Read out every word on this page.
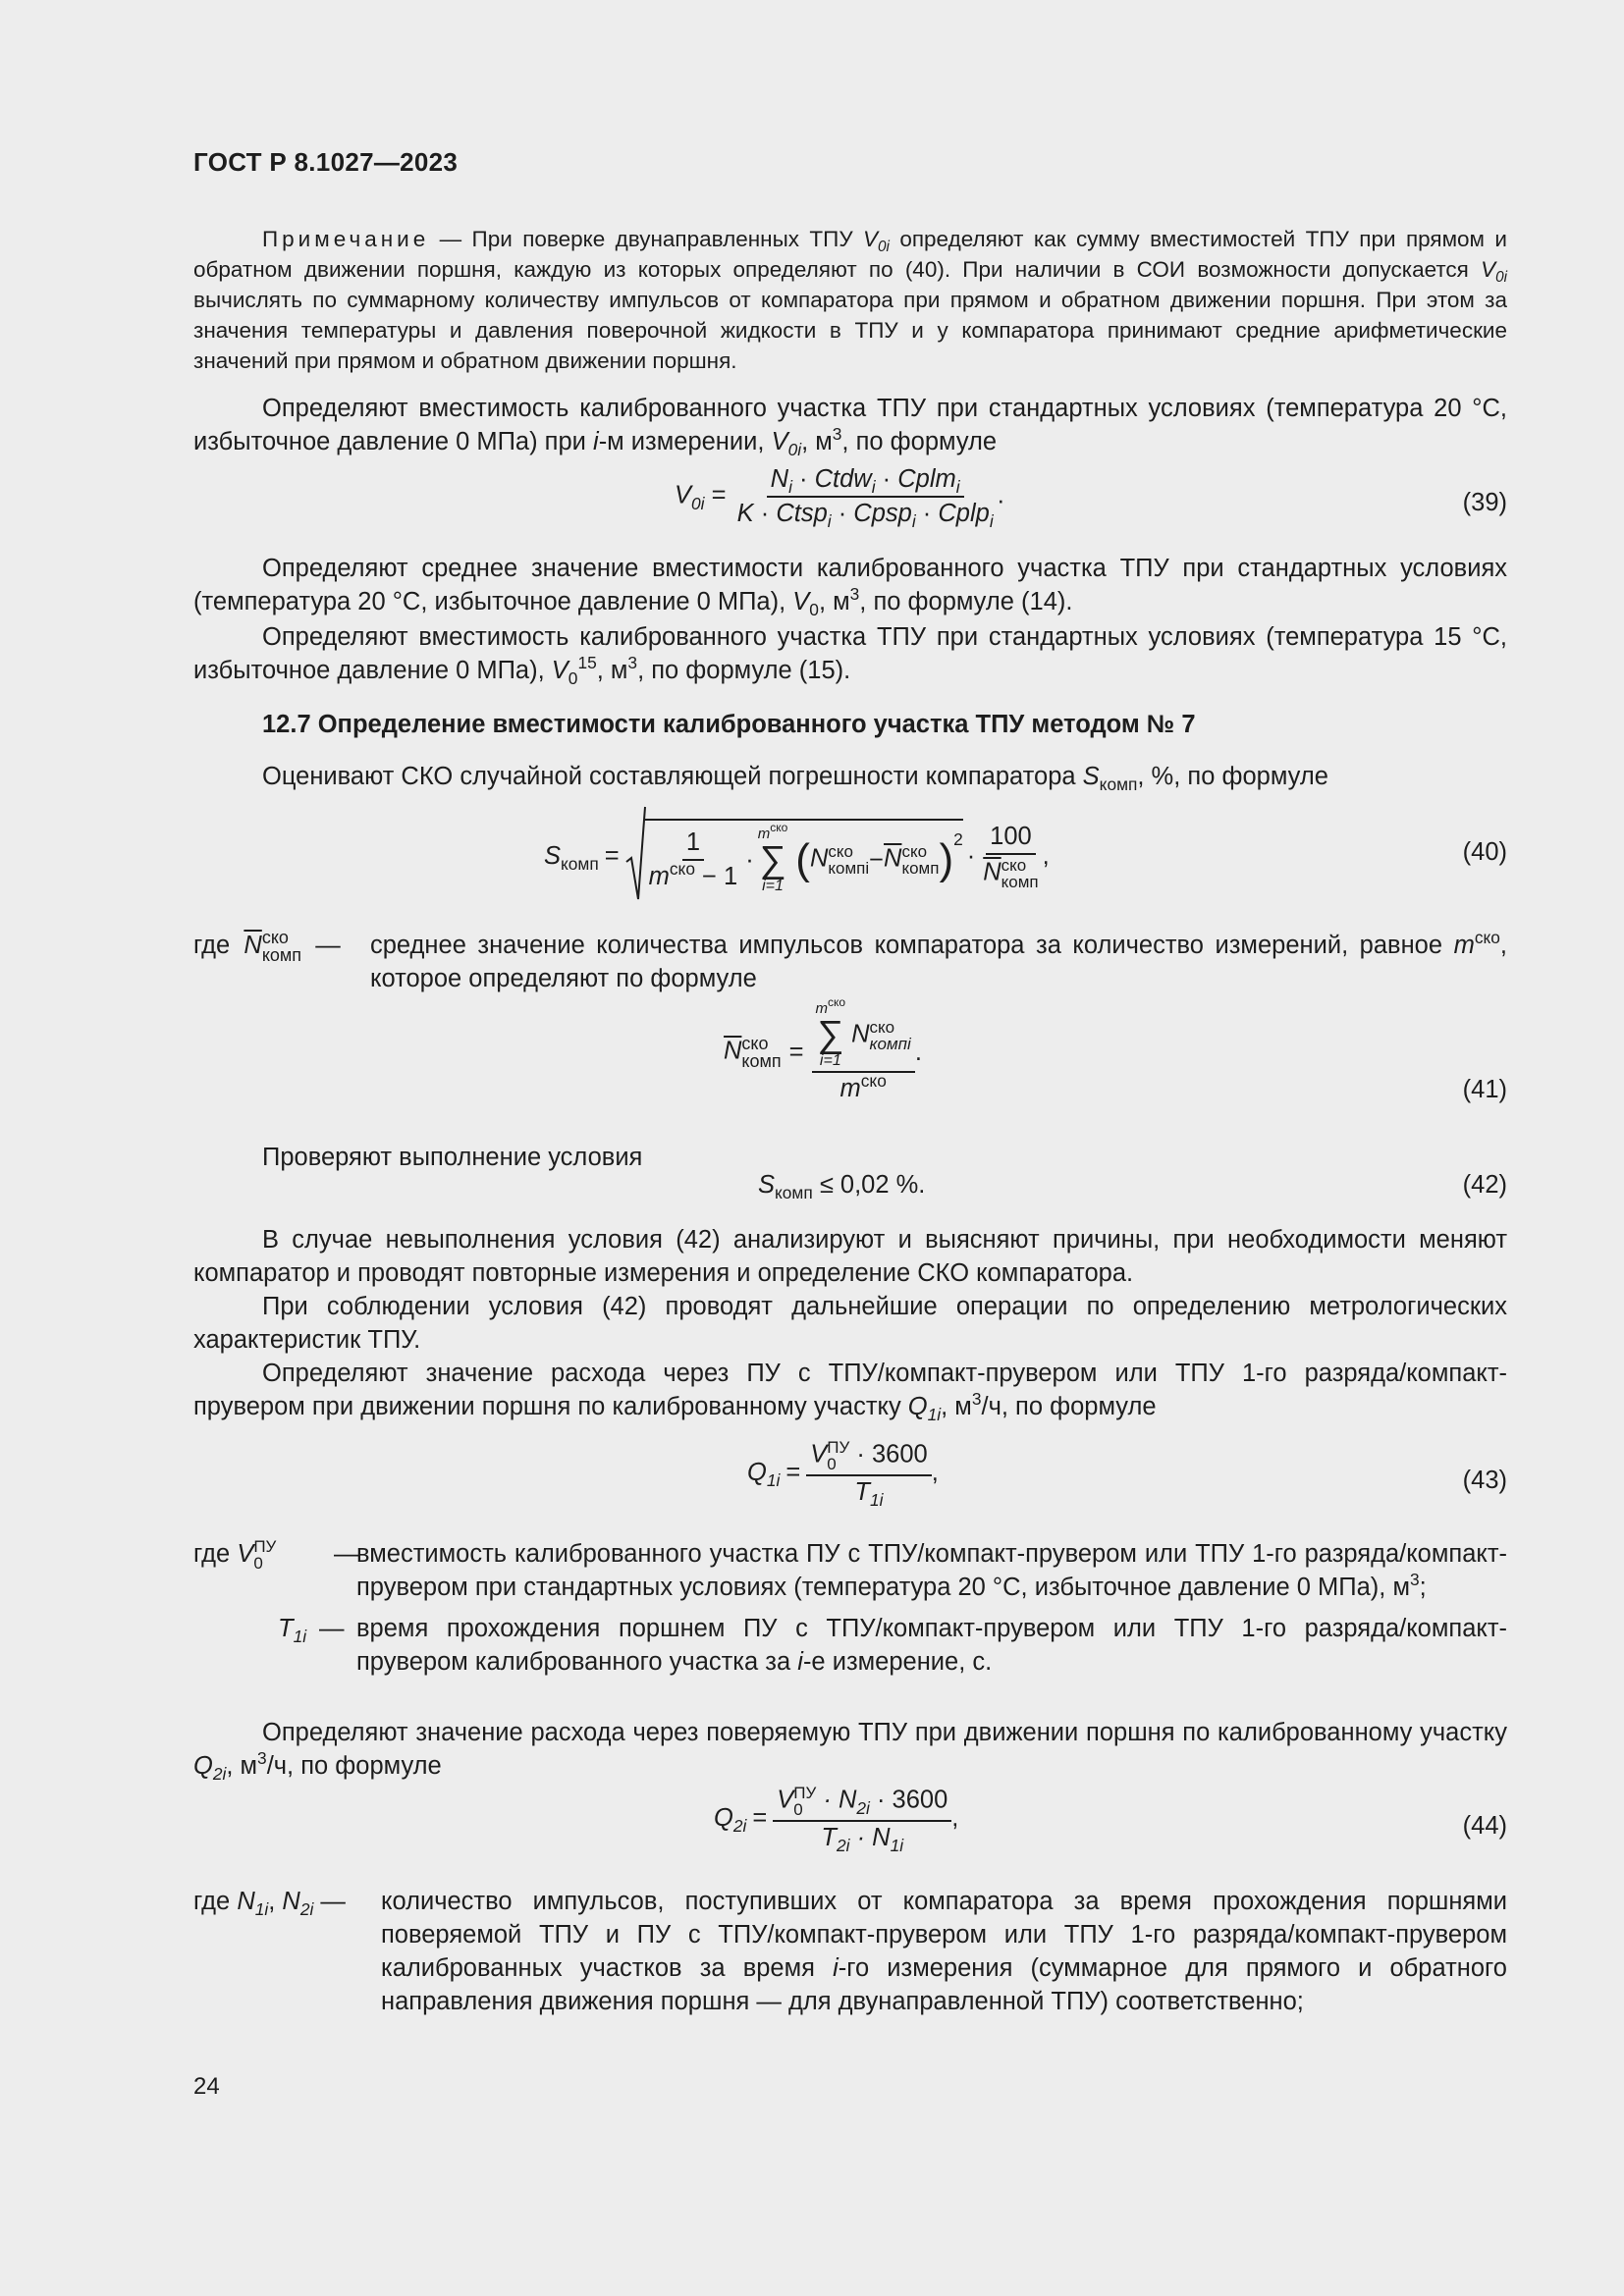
ГОСТ Р 8.1027—2023

Примечание — При поверке двунаправленных ТПУ $V_{0i}$ определяют как сумму вместимостей ТПУ при прямом и обратном движении поршня, каждую из которых определяют по (40). При наличии в СОИ возможности допускается $V_{0i}$ вычислять по суммарному количеству импульсов от компаратора при прямом и обратном движении поршня. При этом за значения температуры и давления поверочной жидкости в ТПУ и у компаратора принимают средние арифметические значений при прямом и обратном движении поршня.

Определяют вместимость калиброванного участка ТПУ при стандартных условиях (температура 20 °С, избыточное давление 0 МПа) при i-м измерении, $V_{0i}$, $м^3$, по формуле

$V_{0i} = \frac{N_i \cdot Ctdw_i \cdot Cplm_i}{K \cdot Ctsp_i \cdot Cpsp_i \cdot Cplp_i}$ .	(39)

Определяют среднее значение вместимости калиброванного участка ТПУ при стандартных условиях (температура 20 °С, избыточное давление 0 МПа), $V_0$, $м^3$, по формуле (14).

Определяют вместимость калиброванного участка ТПУ при стандартных условиях (температура 15 °С, избыточное давление 0 МПа), $V_0^{15}$, $м^3$, по формуле (15).

12.7 Определение вместимости калиброванного участка ТПУ методом № 7

Оценивают СКО случайной составляющей погрешности компаратора $S_{комп}$, %, по формуле

$S_{комп} = \frac{1}{m^{ско} - 1}$ ·
$m^{ско}$
∑
i=1
( N ско
компi − $\overline{N}$ ско
комп )$^2$
· 100
$\overline{N}$ ско
комп ,	(40)
где $\overline{N}$ ско
комп — среднее значение количества импульсов компаратора за количество измерений, равное $m^{ско}$, которое определяют по формуле
$\overline{N}$ ско
комп =
$m^{ско}$
∑
i=1
N ско
компi
$m^{ско}$
.
(41)

Проверяют выполнение условия

$S_{комп} \le 0,02$ %.	(42)

В случае невыполнения условия (42) анализируют и выясняют причины, при необходимости меняют компаратор и проводят повторные измерения и определение СКО компаратора.

При соблюдении условия (42) проводят дальнейшие операции по определению метрологических характеристик ТПУ.

Определяют значение расхода через ПУ с ТПУ/компакт-прувером или ТПУ 1-го разряда/компакт-прувером при движении поршня по калиброванному участку $Q_{1i}$, $м^3/ч$, по формуле

$Q_{1i} = V$ ПУ
0 · 3600
$T_{1i}$ ,	(43)
где V ПУ
0	—
вместимость калиброванного участка ПУ с ТПУ/компакт-прувером или ТПУ 1-го разряда/компакт-прувером при стандартных условиях (температура 20 °С, избыточное давление 0 МПа), $м^3$;
$T_{1i}$ — время прохождения поршнем ПУ с ТПУ/компакт-прувером или ТПУ 1-го разряда/компакт-прувером калиброванного участка за i-е измерение, с.

Определяют значение расхода через поверяемую ТПУ при движении поршня по калиброванному участку $Q_{2i}$, $м^3/ч$, по формуле

$Q_{2i} = V$ ПУ
$0 \cdot N_{2i} \cdot 3600$
$T_{2i} \cdot N_{1i}$ ,	(44)
где $N_{1i}$, $N_{2i}$ — количество импульсов, поступивших от компаратора за время прохождения поршнями поверяемой ТПУ и ПУ с ТПУ/компакт-прувером или ТПУ 1-го разряда/компакт-прувером калиброванных участков за время i-го измерения (суммарное для прямого и обратного направления движения поршня — для двунаправленной ТПУ) соответственно;
24
